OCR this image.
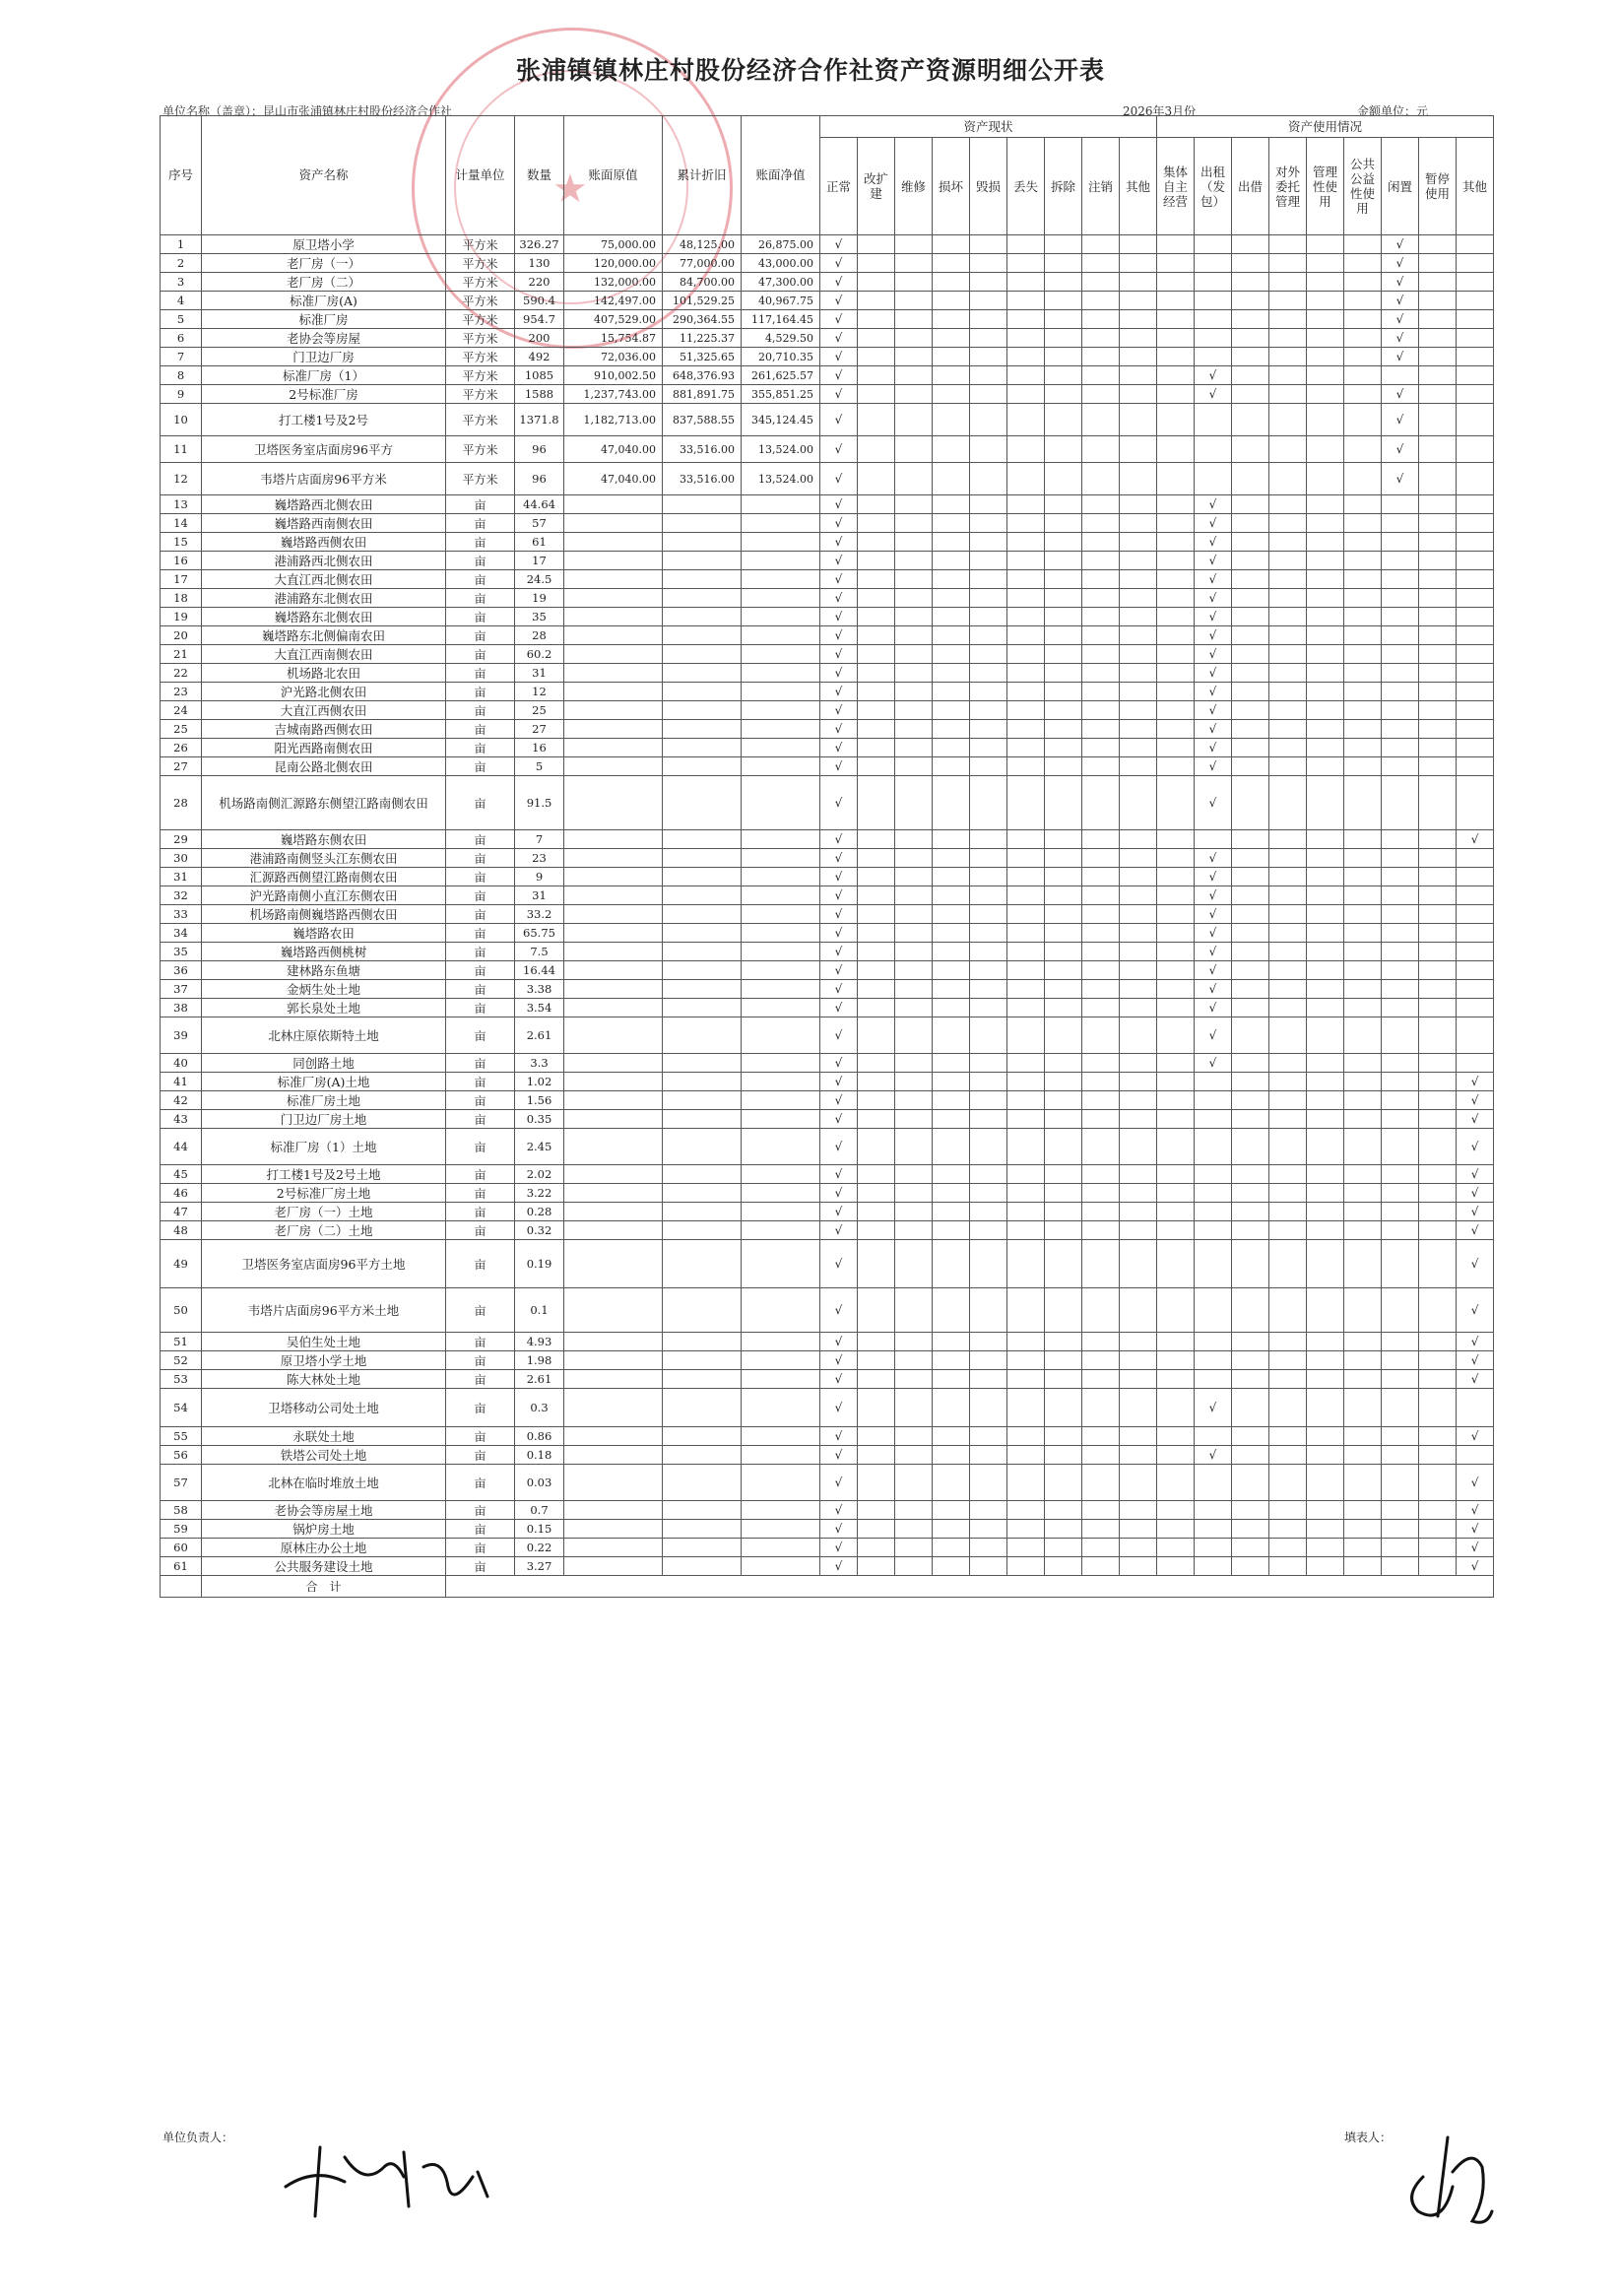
★
张浦镇镇林庄村股份经济合作社资产资源明细公开表
单位名称（盖章）：昆山市张浦镇林庄村股份经济合作社	2026年3月份	金额单位：元
序号	资产名称	计量单位	数量	账面原值	累计折旧	账面净值	资产现状									资产使用情况								
							正常	改扩建	维修	损坏	毁损	丢失	拆除	注销	其他	集体自主经营	出租（发包）	出借	对外委托管理	管理性使用	公共公益性使用	闲置	暂停使用	其他
1	原卫塔小学	平方米	326.27	75,000.00	48,125.00	26,875.00	√															√		
2	老厂房（一）	平方米	130	120,000.00	77,000.00	43,000.00	√															√		
3	老厂房（二）	平方米	220	132,000.00	84,700.00	47,300.00	√															√		
4	标准厂房(A)	平方米	590.4	142,497.00	101,529.25	40,967.75	√															√		
5	标准厂房	平方米	954.7	407,529.00	290,364.55	117,164.45	√															√		
6	老协会等房屋	平方米	200	15,754.87	11,225.37	4,529.50	√															√		
7	门卫边厂房	平方米	492	72,036.00	51,325.65	20,710.35	√															√		
8	标准厂房（1）	平方米	1085	910,002.50	648,376.93	261,625.57	√										√							
9	2号标准厂房	平方米	1588	1,237,743.00	881,891.75	355,851.25	√										√					√		
10	打工楼1号及2号	平方米	1371.8	1,182,713.00	837,588.55	345,124.45	√															√		
11	卫塔医务室店面房96平方	平方米	96	47,040.00	33,516.00	13,524.00	√															√		
12	韦塔片店面房96平方米	平方米	96	47,040.00	33,516.00	13,524.00	√															√		
13	巍塔路西北侧农田	亩	44.64				√										√							
14	巍塔路西南侧农田	亩	57				√										√							
15	巍塔路西侧农田	亩	61				√										√							
16	港浦路西北侧农田	亩	17				√										√							
17	大直江西北侧农田	亩	24.5				√										√							
18	港浦路东北侧农田	亩	19				√										√							
19	巍塔路东北侧农田	亩	35				√										√							
20	巍塔路东北侧偏南农田	亩	28				√										√							
21	大直江西南侧农田	亩	60.2				√										√							
22	机场路北农田	亩	31				√										√							
23	沪光路北侧农田	亩	12				√										√							
24	大直江西侧农田	亩	25				√										√							
25	吉城南路西侧农田	亩	27				√										√							
26	阳光西路南侧农田	亩	16				√										√							
27	昆南公路北侧农田	亩	5				√										√							
28	机场路南侧汇源路东侧望江路南侧农田	亩	91.5				√										√							
29	巍塔路东侧农田	亩	7				√																	√
30	港浦路南侧竖头江东侧农田	亩	23				√										√							
31	汇源路西侧望江路南侧农田	亩	9				√										√							
32	沪光路南侧小直江东侧农田	亩	31				√										√							
33	机场路南侧巍塔路西侧农田	亩	33.2				√										√							
34	巍塔路农田	亩	65.75				√										√							
35	巍塔路西侧桃树	亩	7.5				√										√							
36	建林路东鱼塘	亩	16.44				√										√							
37	金炳生处土地	亩	3.38				√										√							
38	郭长泉处土地	亩	3.54				√										√							
39	北林庄原依斯特土地	亩	2.61				√										√							
40	同创路土地	亩	3.3				√										√							
41	标准厂房(A)土地	亩	1.02				√																	√
42	标准厂房土地	亩	1.56				√																	√
43	门卫边厂房土地	亩	0.35				√																	√
44	标准厂房（1）土地	亩	2.45				√																	√
45	打工楼1号及2号土地	亩	2.02				√																	√
46	2号标准厂房土地	亩	3.22				√																	√
47	老厂房（一）土地	亩	0.28				√																	√
48	老厂房（二）土地	亩	0.32				√																	√
49	卫塔医务室店面房96平方土地	亩	0.19				√																	√
50	韦塔片店面房96平方米土地	亩	0.1				√																	√
51	吴伯生处土地	亩	4.93				√																	√
52	原卫塔小学土地	亩	1.98				√																	√
53	陈大林处土地	亩	2.61				√																	√
54	卫塔移动公司处土地	亩	0.3				√										√							
55	永联处土地	亩	0.86				√																	√
56	铁塔公司处土地	亩	0.18				√										√							
57	北林在临时堆放土地	亩	0.03				√																	√
58	老协会等房屋土地	亩	0.7				√																	√
59	锅炉房土地	亩	0.15				√																	√
60	原林庄办公土地	亩	0.22				√																	√
61	公共服务建设土地	亩	3.27				√																	√
	合　计																							
单位负责人：	填表人：
